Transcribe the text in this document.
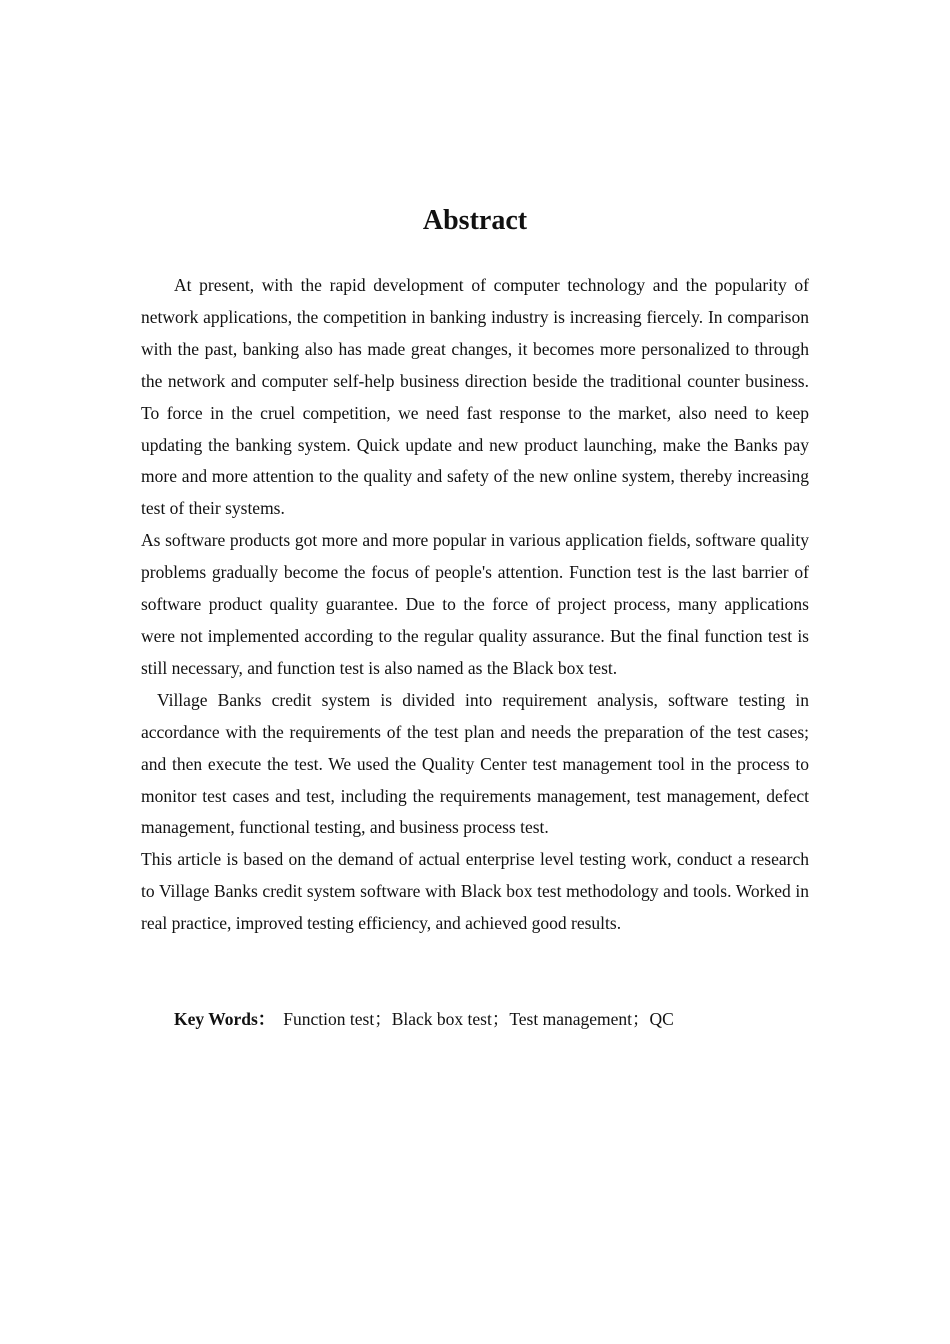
Abstract

At present, with the rapid development of computer technology and the popularity of network applications, the competition in banking industry is increasing fiercely. In comparison with the past, banking also has made great changes, it becomes more personalized to through the network and computer self-help business direction beside the traditional counter business. To force in the cruel competition, we need fast response to the market, also need to keep updating the banking system. Quick update and new product launching, make the Banks pay more and more attention to the quality and safety of the new online system, thereby increasing test of their systems.

As software products got more and more popular in various application fields, software quality problems gradually become the focus of people's attention. Function test is the last barrier of software product quality guarantee. Due to the force of project process, many applications were not implemented according to the regular quality assurance. But the final function test is still necessary, and function test is also named as the Black box test.

Village Banks credit system is divided into requirement analysis, software testing in accordance with the requirements of the test plan and needs the preparation of the test cases; and then execute the test. We used the Quality Center test management tool in the process to monitor test cases and test, including the requirements management, test management, defect management, functional testing, and business process test.

This article is based on the demand of actual enterprise level testing work, conduct a research to Village Banks credit system software with Black box test methodology and tools. Worked in real practice, improved testing efficiency, and achieved good results.

Key Words： Function test；Black box test；Test management；QC
